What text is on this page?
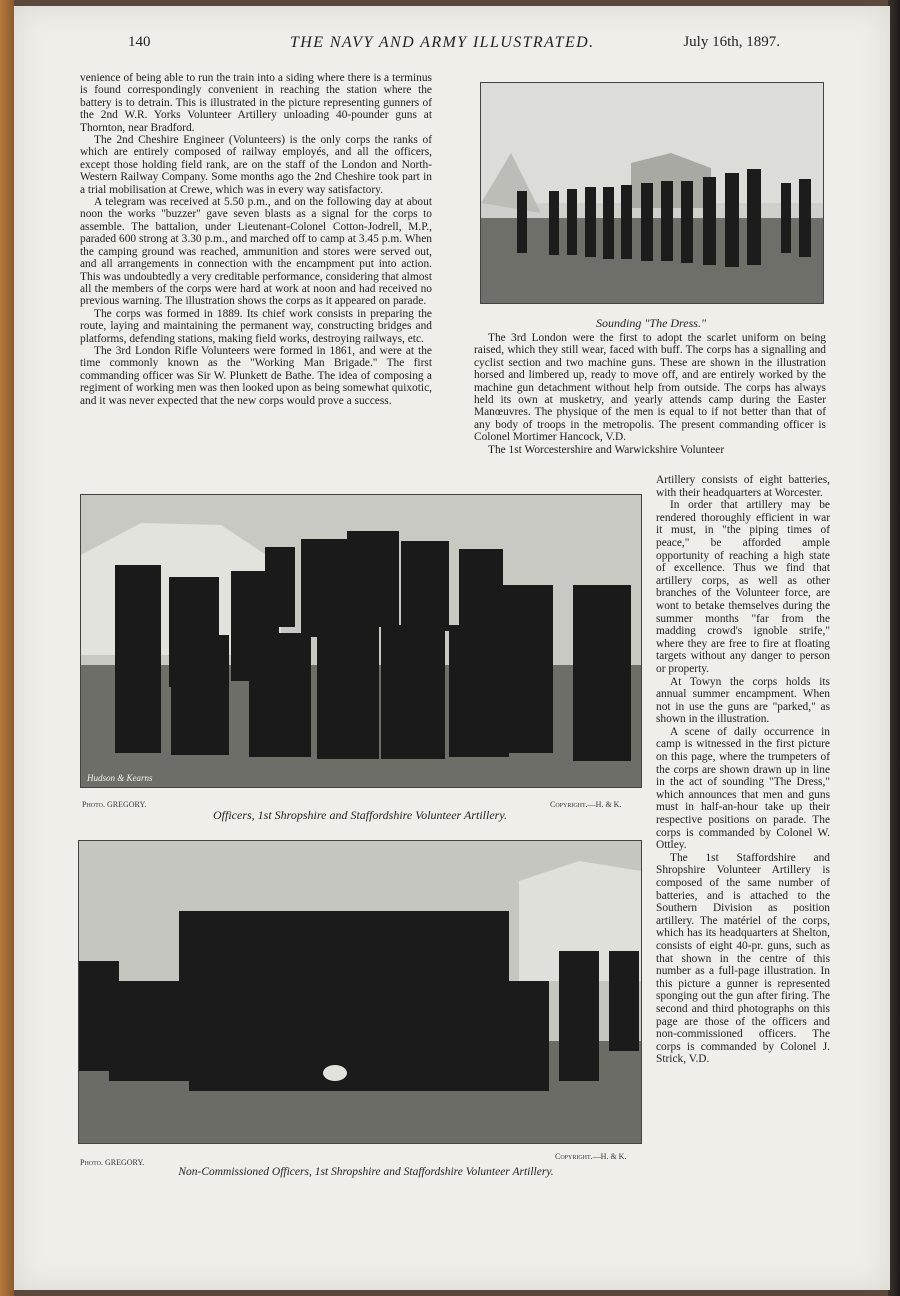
140	THE NAVY AND ARMY ILLUSTRATED.	July 16th, 1897.

venience of being able to run the train into a siding where there is a terminus is found correspondingly convenient in reaching the station where the battery is to detrain. This is illustrated in the picture representing gunners of the 2nd W.R. Yorks Volunteer Artillery unloading 40-pounder guns at Thornton, near Bradford.

The 2nd Cheshire Engineer (Volunteers) is the only corps the ranks of which are entirely composed of railway employés, and all the officers, except those holding field rank, are on the staff of the London and North-Western Railway Company. Some months ago the 2nd Cheshire took part in a trial mobilisation at Crewe, which was in every way satisfactory.

A telegram was received at 5.50 p.m., and on the following day at about noon the works "buzzer" gave seven blasts as a signal for the corps to assemble. The battalion, under Lieutenant-Colonel Cotton-Jodrell, M.P., paraded 600 strong at 3.30 p.m., and marched off to camp at 3.45 p.m. When the camping ground was reached, ammunition and stores were served out, and all arrangements in connection with the encampment put into action. This was undoubtedly a very creditable performance, considering that almost all the members of the corps were hard at work at noon and had received no previous warning. The illustration shows the corps as it appeared on parade.

The corps was formed in 1889. Its chief work consists in preparing the route, laying and maintaining the permanent way, constructing bridges and platforms, defending stations, making field works, destroying railways, etc.

The 3rd London Rifle Volunteers were formed in 1861, and were at the time commonly known as the "Working Man Brigade." The first commanding officer was Sir W. Plunkett de Bathe. The idea of composing a regiment of working men was then looked upon as being somewhat quixotic, and it was never expected that the new corps would prove a success.

Sounding "The Dress."

The 3rd London were the first to adopt the scarlet uniform on being raised, which they still wear, faced with buff. The corps has a signalling and cyclist section and two machine guns. These are shown in the illustration horsed and limbered up, ready to move off, and are entirely worked by the machine gun detachment without help from outside. The corps has always held its own at musketry, and yearly attends camp during the Easter Manœuvres. The physique of the men is equal to if not better than that of any body of troops in the metropolis. The present commanding officer is Colonel Mortimer Hancock, V.D.

The 1st Worcestershire and Warwickshire Volunteer

Hudson & Kearns
Photo. GREGORY.	Copyright.—H. & K.
Officers, 1st Shropshire and Staffordshire Volunteer Artillery.

Artillery consists of eight batteries, with their headquarters at Worcester.

In order that artillery may be rendered thoroughly efficient in war it must, in "the piping times of peace," be afforded ample opportunity of reaching a high state of excellence. Thus we find that artillery corps, as well as other branches of the Volunteer force, are wont to betake themselves during the summer months "far from the madding crowd's ignoble strife," where they are free to fire at floating targets without any danger to person or property.

At Towyn the corps holds its annual summer encampment. When not in use the guns are "parked," as shown in the illustration.

A scene of daily occurrence in camp is witnessed in the first picture on this page, where the trumpeters of the corps are shown drawn up in line in the act of sounding "The Dress," which announces that men and guns must in half-an-hour take up their respective positions on parade. The corps is commanded by Colonel W. Ottley.

The 1st Staffordshire and Shropshire Volunteer Artillery is composed of the same number of batteries, and is attached to the Southern Division as position artillery. The matériel of the corps, which has its headquarters at Shelton, consists of eight 40-pr. guns, such as that shown in the centre of this number as a full-page illustration. In this picture a gunner is represented sponging out the gun after firing. The second and third photographs on this page are those of the officers and non-commissioned officers. The corps is commanded by Colonel J. Strick, V.D.

Photo. GREGORY.
Copyright.—H. & K.
Non-Commissioned Officers, 1st Shropshire and Staffordshire Volunteer Artillery.
